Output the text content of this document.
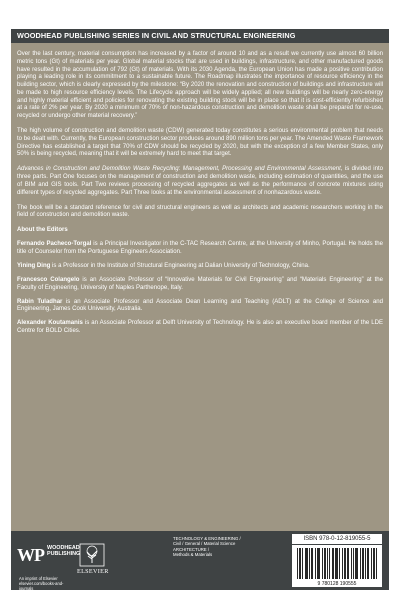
WOODHEAD PUBLISHING SERIES IN CIVIL AND STRUCTURAL ENGINEERING

Over the last century, material consumption has increased by a factor of around 10 and as a result we currently use almost 60 billion metric tons (Gt) of materials per year. Global material stocks that are used in buildings, infrastructure, and other manufactured goods have resulted in the accumulation of 792 (Gt) of materials. With its 2030 Agenda, the European Union has made a positive contribution playing a leading role in its commitment to a sustainable future. The Roadmap illustrates the importance of resource efficiency in the building sector, which is clearly expressed by the milestone: “By 2020 the renovation and construction of buildings and infrastructure will be made to high resource efficiency levels. The Lifecycle approach will be widely applied; all new buildings will be nearly zero-energy and highly material efficient and policies for renovating the existing building stock will be in place so that it is cost-efficiently refurbished at a rate of 2% per year. By 2020 a minimum of 70% of non-hazardous construction and demolition waste shall be prepared for re-use, recycled or undergo other material recovery.”

The high volume of construction and demolition waste (CDW) generated today constitutes a serious environmental problem that needs to be dealt with. Currently, the European construction sector produces around 890 million tons per year. The Amended Waste Framework Directive has established a target that 70% of CDW should be recycled by 2020, but with the exception of a few Member States, only 50% is being recycled, meaning that it will be extremely hard to meet that target.

Advances in Construction and Demolition Waste Recycling: Management, Processing and Environmental Assessment, is divided into three parts. Part One focuses on the management of construction and demolition waste, including estimation of quantities, and the use of BIM and GIS tools. Part Two reviews processing of recycled aggregates as well as the performance of concrete mixtures using different types of recycled aggregates. Part Three looks at the environmental assessment of nonhazardous waste.

The book will be a standard reference for civil and structural engineers as well as architects and academic researchers working in the field of construction and demolition waste.

About the Editors
Fernando Pacheco-Torgal is a Principal Investigator in the C-TAC Research Centre, at the University of Minho, Portugal. He holds the title of Counselor from the Portuguese Engineers Association.
Yining Ding is a Professor in the Institute of Structural Engineering at Dalian University of Technology, China.
Francesco Colangelo is an Associate Professor of “Innovative Materials for Civil Engineering” and “Materials Engineering” at the Faculty of Engineering, University of Naples Parthenope, Italy.
Rabin Tuladhar is an Associate Professor and Associate Dean Learning and Teaching (ADLT) at the College of Science and Engineering, James Cook University, Australia.
Alexander Koutamanis is an Associate Professor at Delft University of Technology. He is also an executive board member of the LDE Centre for BOLD Cities.
WP WOODHEAD
PUBLISHING
ELSEVIER
An imprint of Elsevier
elsevier.com/books-and-journals
TECHNOLOGY & ENGINEERING /
Civil / General / Material Science
ARCHITECTURE /
Methods & Materials
ISBN 978-0-12-819055-5
9 780128 190555
